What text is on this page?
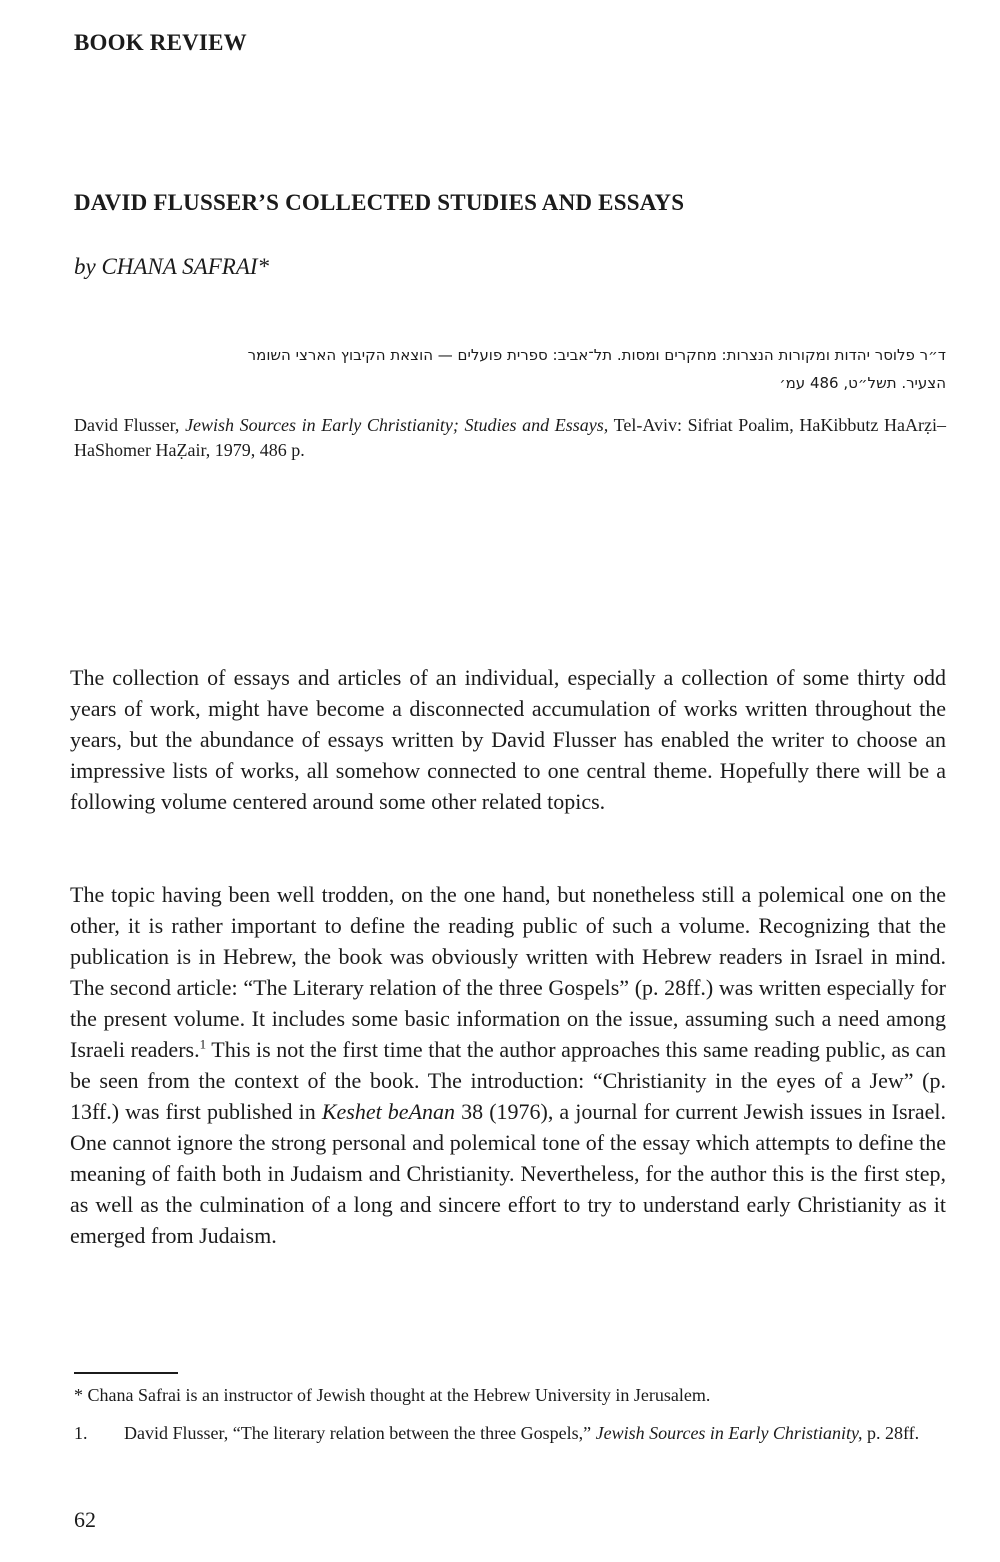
BOOK REVIEW
DAVID FLUSSER’S COLLECTED STUDIES AND ESSAYS

by CHANA SAFRAI*

ד״ר פלוסר יהדות ומקורות הנצרות: מחקרים ומסות. תל־אביב: ספרית פועלים — הוצאת הקיבוץ הארצי השומר

הצעיר. תשל״ט, 486 עמ׳

David Flusser, Jewish Sources in Early Christianity; Studies and Essays, Tel-Aviv: Sifriat Poalim, HaKibbutz HaArẓi–HaShomer HaẒair, 1979, 486 p.

The collection of essays and articles of an individual, especially a collection of some thirty odd years of work, might have become a disconnected accumulation of works written throughout the years, but the abundance of essays written by David Flusser has enabled the writer to choose an impressive lists of works, all somehow connected to one central theme. Hopefully there will be a following volume centered around some other related topics.

The topic having been well trodden, on the one hand, but nonetheless still a polemical one on the other, it is rather important to define the reading public of such a volume. Recognizing that the publication is in Hebrew, the book was obviously written with Hebrew readers in Israel in mind. The second article: “The Literary relation of the three Gospels” (p. 28ff.) was written especially for the present volume. It includes some basic information on the issue, assuming such a need among Israeli readers.$^1$ This is not the first time that the author approaches this same reading public, as can be seen from the context of the book. The introduction: “Christianity in the eyes of a Jew” (p. 13ff.) was first published in Keshet beAnan 38 (1976), a journal for current Jewish issues in Israel. One cannot ignore the strong personal and polemical tone of the essay which attempts to define the meaning of faith both in Judaism and Christianity. Nevertheless, for the author this is the first step, as well as the culmination of a long and sincere effort to try to understand early Christianity as it emerged from Judaism.

* Chana Safrai is an instructor of Jewish thought at the Hebrew University in Jerusalem.

1. David Flusser, “The literary relation between the three Gospels,” Jewish Sources in Early Christianity, p. 28ff.

62
